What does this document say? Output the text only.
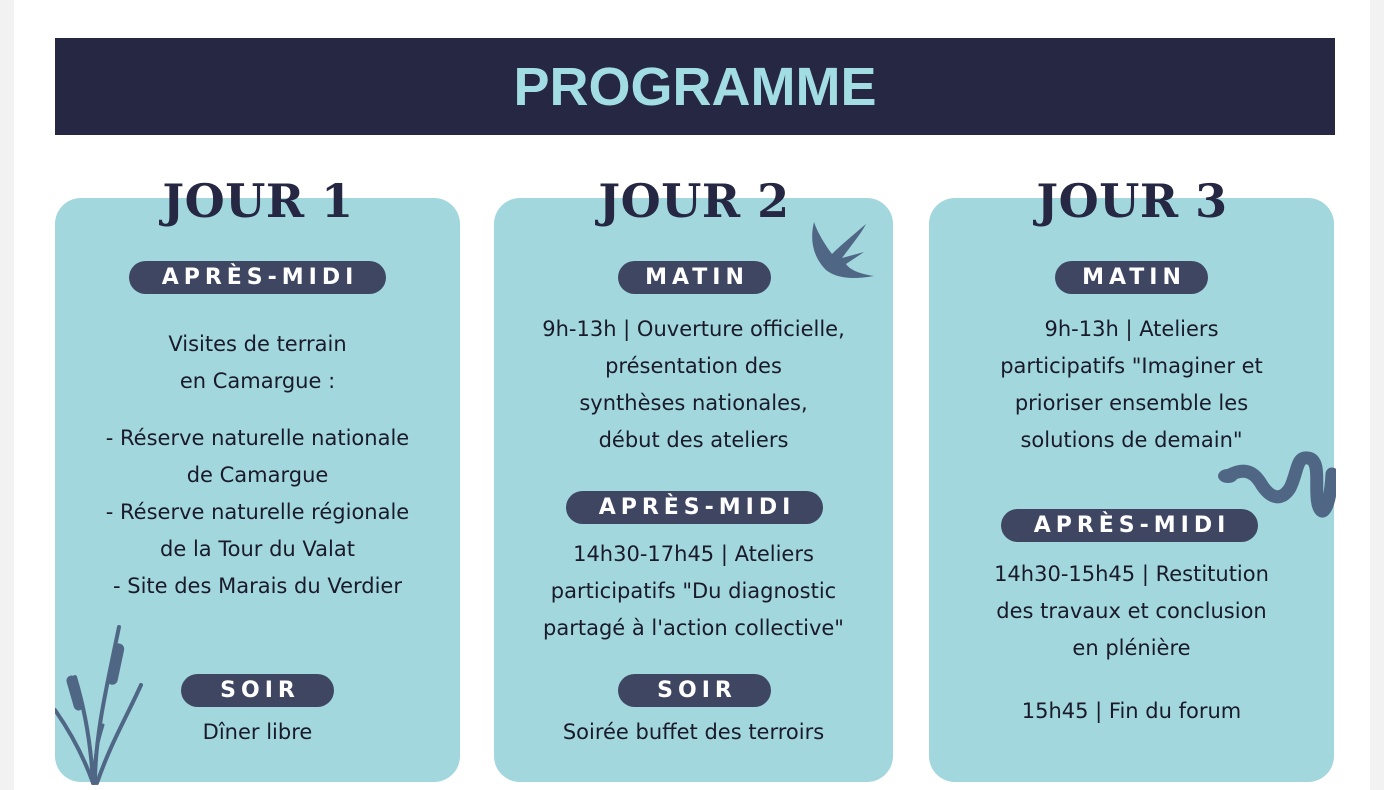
PROGRAMME
JOUR 1
APRÈS-MIDI
Visites de terrain
en Camargue :
- Réserve naturelle nationale
de Camargue
- Réserve naturelle régionale
de la Tour du Valat
- Site des Marais du Verdier
SOIR
Dîner libre
JOUR 2
MATIN
9h-13h | Ouverture officielle,
présentation des
synthèses nationales,
début des ateliers
APRÈS-MIDI
14h30-17h45 | Ateliers
participatifs "Du diagnostic
partagé à l'action collective"
SOIR
Soirée buffet des terroirs
JOUR 3
MATIN
9h-13h | Ateliers
participatifs "Imaginer et
prioriser ensemble les
solutions de demain"
APRÈS-MIDI
14h30-15h45 | Restitution
des travaux et conclusion
en plénière
15h45 | Fin du forum
